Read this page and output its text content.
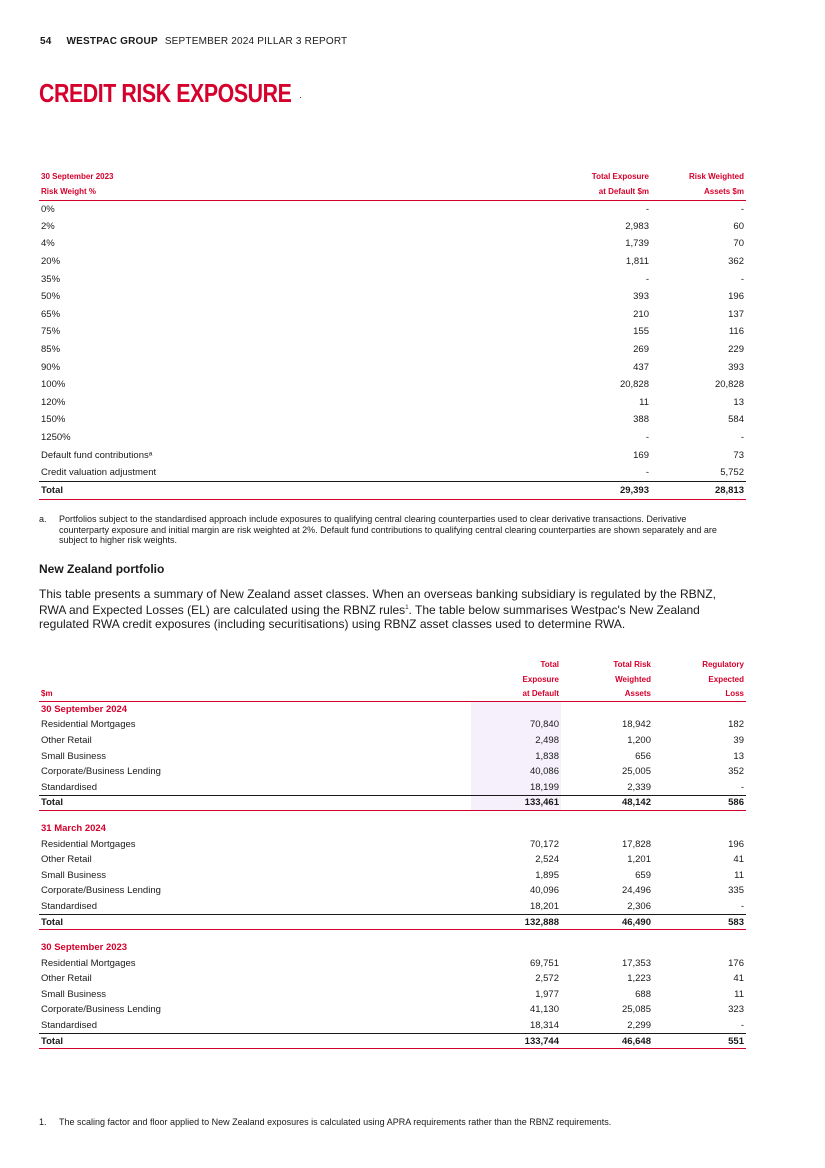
54 WESTPAC GROUP SEPTEMBER 2024 PILLAR 3 REPORT
CREDIT RISK EXPOSURE
30 September 2023	Total Exposure	Risk Weighted
Risk Weight %	at Default $m	Assets $m
0%	-	-
2%	2,983	60
4%	1,739	70
20%	1,811	362
35%	-	-
50%	393	196
65%	210	137
75%	155	116
85%	269	229
90%	437	393
100%	20,828	20,828
120%	11	13
150%	388	584
1250%	-	-
Default fund contributionsᵃ	169	73
Credit valuation adjustment	-	5,752
Total	29,393	28,813
a.	Portfolios subject to the standardised approach include exposures to qualifying central clearing counterparties used to clear derivative transactions. Derivative counterparty exposure and initial margin are risk weighted at 2%. Default fund contributions to qualifying central clearing counterparties are shown separately and are subject to higher risk weights.
New Zealand portfolio
This table presents a summary of New Zealand asset classes. When an overseas banking subsidiary is regulated by the RBNZ, RWA and Expected Losses (EL) are calculated using the RBNZ rules$^1$. The table below summarises Westpac's New Zealand regulated RWA credit exposures (including securitisations) using RBNZ asset classes used to determine RWA.
	Total	Total Risk	Regulatory
	Exposure	Weighted	Expected
$m	at Default	Assets	Loss
30 September 2024			
Residential Mortgages	70,840	18,942	182
Other Retail	2,498	1,200	39
Small Business	1,838	656	13
Corporate/Business Lending	40,086	25,005	352
Standardised	18,199	2,339	-
Total	133,461	48,142	586

31 March 2024			
Residential Mortgages	70,172	17,828	196
Other Retail	2,524	1,201	41
Small Business	1,895	659	11
Corporate/Business Lending	40,096	24,496	335
Standardised	18,201	2,306	-
Total	132,888	46,490	583

30 September 2023			
Residential Mortgages	69,751	17,353	176
Other Retail	2,572	1,223	41
Small Business	1,977	688	11
Corporate/Business Lending	41,130	25,085	323
Standardised	18,314	2,299	-
Total	133,744	46,648	551
1.	The scaling factor and floor applied to New Zealand exposures is calculated using APRA requirements rather than the RBNZ requirements.
